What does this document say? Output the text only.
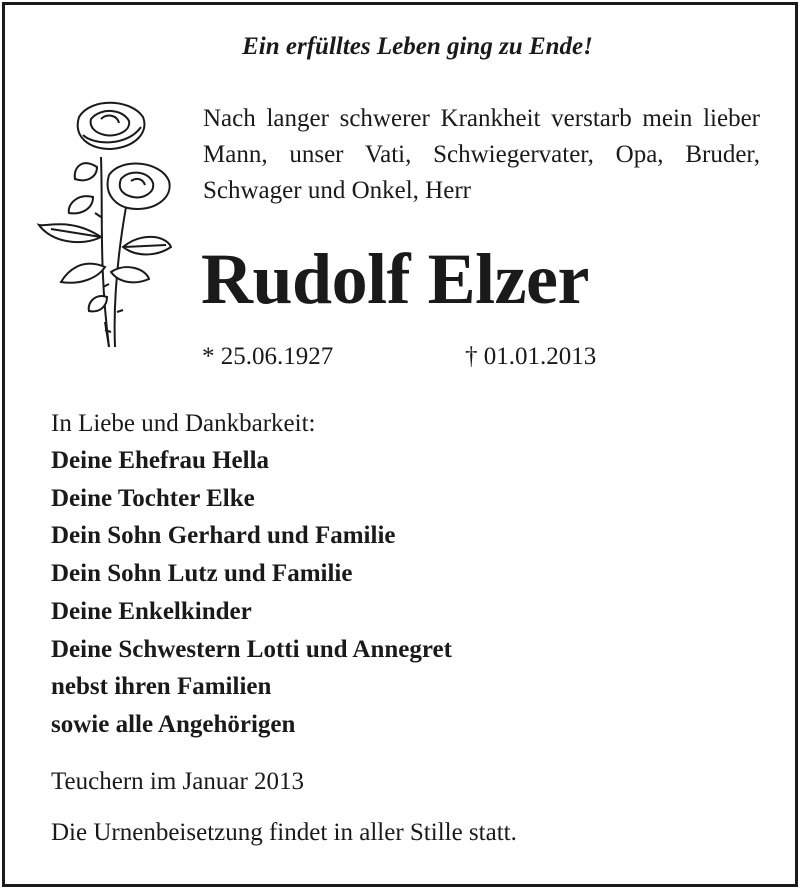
Ein erfülltes Leben ging zu Ende!
Nach langer schwerer Krankheit verstarb mein lieber Mann, unser Vati, Schwiegervater, Opa, Bruder, Schwager und Onkel, Herr
Rudolf Elzer
* 25.06.1927	† 01.01.2013
In Liebe und Dankbarkeit:
Deine Ehefrau Hella
Deine Tochter Elke
Dein Sohn Gerhard und Familie
Dein Sohn Lutz und Familie
Deine Enkelkinder
Deine Schwestern Lotti und Annegret
nebst ihren Familien
sowie alle Angehörigen
Teuchern im Januar 2013
Die Urnenbeisetzung findet in aller Stille statt.
